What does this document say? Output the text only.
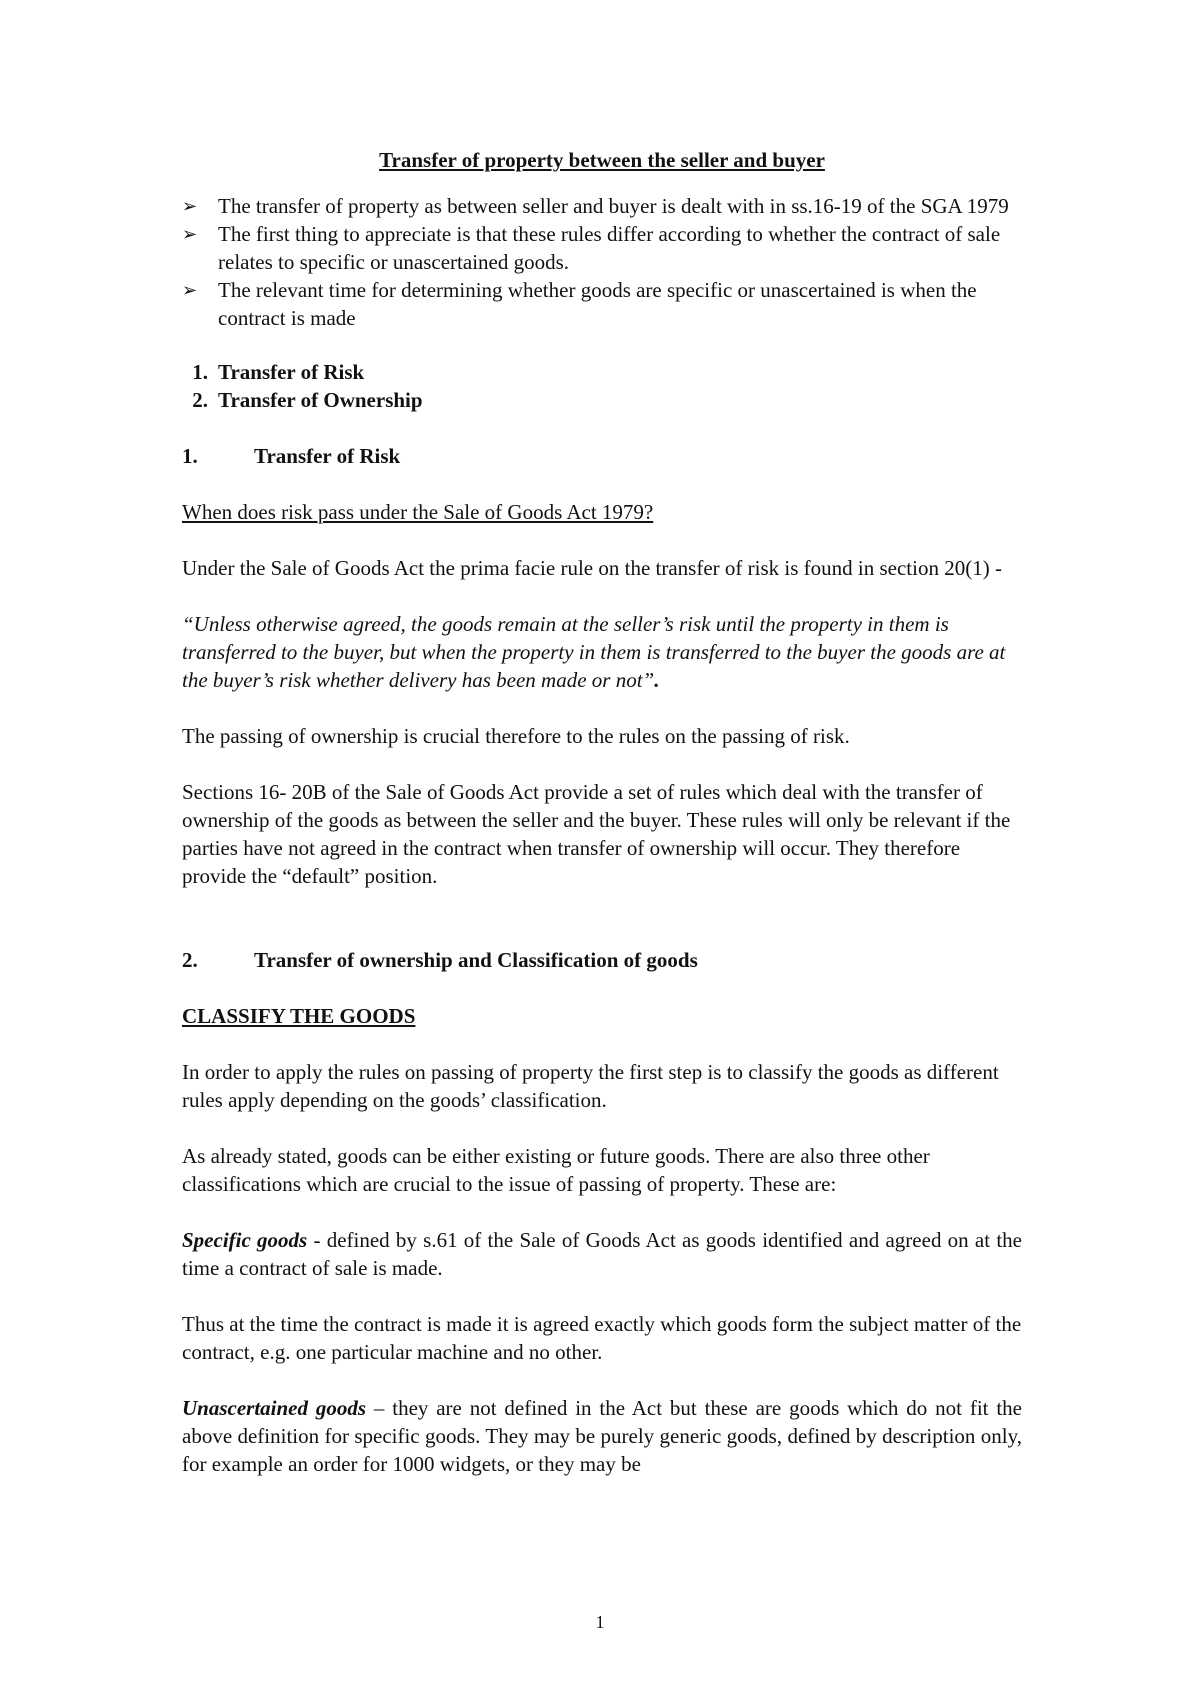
Transfer of property between the seller and buyer

➢ The transfer of property as between seller and buyer is dealt with in ss.16-19 of the SGA 1979
➢ The first thing to appreciate is that these rules differ according to whether the contract of sale relates to specific or unascertained goods.
➢ The relevant time for determining whether goods are specific or unascertained is when the contract is made
1. Transfer of Risk
2. Transfer of Ownership

1.	Transfer of Risk

When does risk pass under the Sale of Goods Act 1979?

Under the Sale of Goods Act the prima facie rule on the transfer of risk is found in section 20(1) -

“Unless otherwise agreed, the goods remain at the seller’s risk until the property in them is transferred to the buyer, but when the property in them is transferred to the buyer the goods are at the buyer’s risk whether delivery has been made or not”.

The passing of ownership is crucial therefore to the rules on the passing of risk.

Sections 16- 20B of the Sale of Goods Act provide a set of rules which deal with the transfer of ownership of the goods as between the seller and the buyer. These rules will only be relevant if the parties have not agreed in the contract when transfer of ownership will occur. They therefore provide the “default” position.

2.	Transfer of ownership and Classification of goods

CLASSIFY THE GOODS

In order to apply the rules on passing of property the first step is to classify the goods as different rules apply depending on the goods’ classification.

As already stated, goods can be either existing or future goods. There are also three other classifications which are crucial to the issue of passing of property. These are:

Specific goods - defined by s.61 of the Sale of Goods Act as goods identified and agreed on at the time a contract of sale is made.

Thus at the time the contract is made it is agreed exactly which goods form the subject matter of the contract, e.g. one particular machine and no other.

Unascertained goods – they are not defined in the Act but these are goods which do not fit the above definition for specific goods. They may be purely generic goods, defined by description only, for example an order for 1000 widgets, or they may be

1
